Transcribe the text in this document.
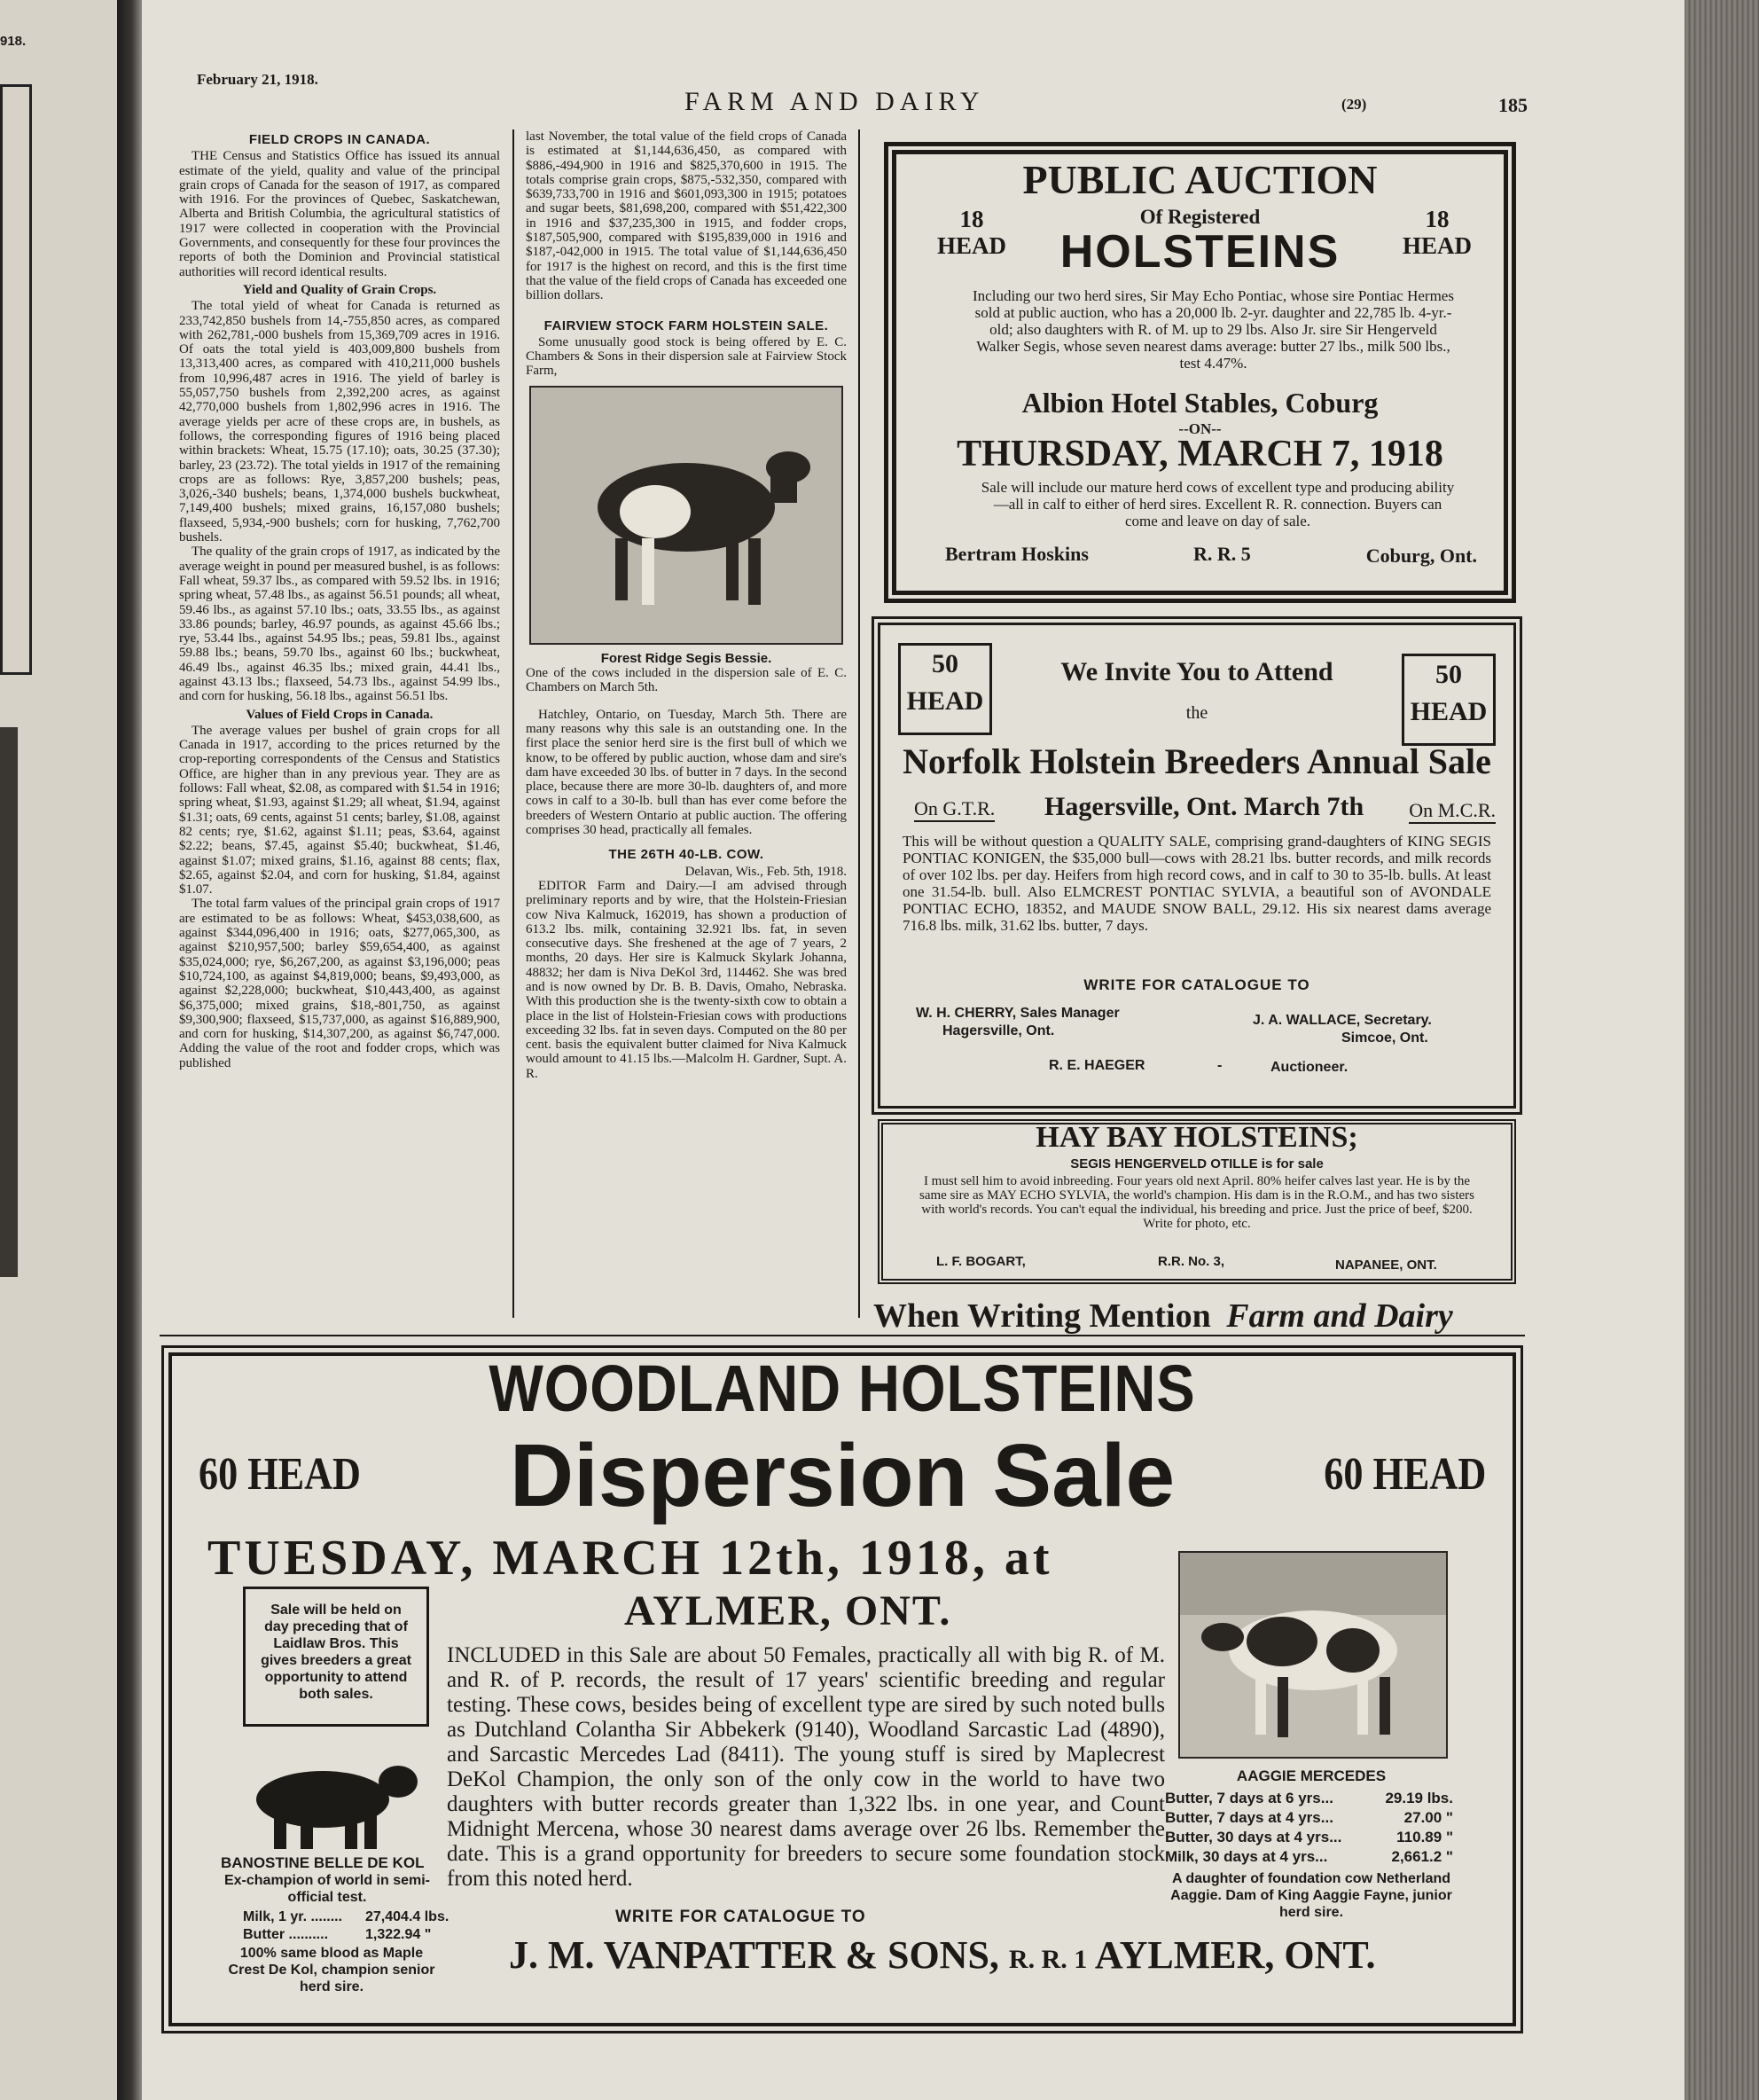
918.
February 21, 1918.
FARM AND DAIRY	(29)	185
FIELD CROPS IN CANADA.

THE Census and Statistics Office has issued its annual estimate of the yield, quality and value of the principal grain crops of Canada for the season of 1917, as compared with 1916. For the provinces of Quebec, Saskatchewan, Alberta and British Columbia, the agricultural statistics of 1917 were collected in cooperation with the Provincial Governments, and consequently for these four provinces the reports of both the Dominion and Provincial statistical authorities will record identical results.

Yield and Quality of Grain Crops.

The total yield of wheat for Canada is returned as 233,742,850 bushels from 14,-755,850 acres, as compared with 262,781,-000 bushels from 15,369,709 acres in 1916. Of oats the total yield is 403,009,800 bushels from 13,313,400 acres, as compared with 410,211,000 bushels from 10,996,487 acres in 1916. The yield of barley is 55,057,750 bushels from 2,392,200 acres, as against 42,770,000 bushels from 1,802,996 acres in 1916. The average yields per acre of these crops are, in bushels, as follows, the corresponding figures of 1916 being placed within brackets: Wheat, 15.75 (17.10); oats, 30.25 (37.30); barley, 23 (23.72). The total yields in 1917 of the remaining crops are as follows: Rye, 3,857,200 bushels; peas, 3,026,-340 bushels; beans, 1,374,000 bushels buckwheat, 7,149,400 bushels; mixed grains, 16,157,080 bushels; flaxseed, 5,934,-900 bushels; corn for husking, 7,762,700 bushels.

The quality of the grain crops of 1917, as indicated by the average weight in pound per measured bushel, is as follows: Fall wheat, 59.37 lbs., as compared with 59.52 lbs. in 1916; spring wheat, 57.48 lbs., as against 56.51 pounds; all wheat, 59.46 lbs., as against 57.10 lbs.; oats, 33.55 lbs., as against 33.86 pounds; barley, 46.97 pounds, as against 45.66 lbs.; rye, 53.44 lbs., against 54.95 lbs.; peas, 59.81 lbs., against 59.88 lbs.; beans, 59.70 lbs., against 60 lbs.; buckwheat, 46.49 lbs., against 46.35 lbs.; mixed grain, 44.41 lbs., against 43.13 lbs.; flaxseed, 54.73 lbs., against 54.99 lbs., and corn for husking, 56.18 lbs., against 56.51 lbs.

Values of Field Crops in Canada.

The average values per bushel of grain crops for all Canada in 1917, according to the prices returned by the crop-reporting correspondents of the Census and Statistics Office, are higher than in any previous year. They are as follows: Fall wheat, $2.08, as compared with $1.54 in 1916; spring wheat, $1.93, against $1.29; all wheat, $1.94, against $1.31; oats, 69 cents, against 51 cents; barley, $1.08, against 82 cents; rye, $1.62, against $1.11; peas, $3.64, against $2.22; beans, $7.45, against $5.40; buckwheat, $1.46, against $1.07; mixed grains, $1.16, against 88 cents; flax, $2.65, against $2.04, and corn for husking, $1.84, against $1.07.

The total farm values of the principal grain crops of 1917 are estimated to be as follows: Wheat, $453,038,600, as against $344,096,400 in 1916; oats, $277,065,300, as against $210,957,500; barley $59,654,400, as against $35,024,000; rye, $6,267,200, as against $3,196,000; peas $10,724,100, as against $4,819,000; beans, $9,493,000, as against $2,228,000; buckwheat, $10,443,400, as against $6,375,000; mixed grains, $18,-801,750, as against $9,300,900; flaxseed, $15,737,000, as against $16,889,900, and corn for husking, $14,307,200, as against $6,747,000. Adding the value of the root and fodder crops, which was published

last November, the total value of the field crops of Canada is estimated at $1,144,636,450, as compared with $886,-494,900 in 1916 and $825,370,600 in 1915. The totals comprise grain crops, $875,-532,350, compared with $639,733,700 in 1916 and $601,093,300 in 1915; potatoes and sugar beets, $81,698,200, compared with $51,422,300 in 1916 and $37,235,300 in 1915, and fodder crops, $187,505,900, compared with $195,839,000 in 1916 and $187,-042,000 in 1915. The total value of $1,144,636,450 for 1917 is the highest on record, and this is the first time that the value of the field crops of Canada has exceeded one billion dollars.

FAIRVIEW STOCK FARM HOLSTEIN SALE.

Some unusually good stock is being offered by E. C. Chambers & Sons in their dispersion sale at Fairview Stock Farm,

Forest Ridge Segis Bessie.

One of the cows included in the dispersion sale of E. C. Chambers on March 5th.

Hatchley, Ontario, on Tuesday, March 5th. There are many reasons why this sale is an outstanding one. In the first place the senior herd sire is the first bull of which we know, to be offered by public auction, whose dam and sire's dam have exceeded 30 lbs. of butter in 7 days. In the second place, because there are more 30-lb. daughters of, and more cows in calf to a 30-lb. bull than has ever come before the breeders of Western Ontario at public auction. The offering comprises 30 head, practically all females.

THE 26TH 40-LB. COW.
Delavan, Wis., Feb. 5th, 1918.

EDITOR Farm and Dairy.—I am advised through preliminary reports and by wire, that the Holstein-Friesian cow Niva Kalmuck, 162019, has shown a production of 613.2 lbs. milk, containing 32.921 lbs. fat, in seven consecutive days. She freshened at the age of 7 years, 2 months, 20 days. Her sire is Kalmuck Skylark Johanna, 48832; her dam is Niva DeKol 3rd, 114462. She was bred and is now owned by Dr. B. B. Davis, Omaho, Nebraska. With this production she is the twenty-sixth cow to obtain a place in the list of Holstein-Friesian cows with productions exceeding 32 lbs. fat in seven days. Computed on the 80 per cent. basis the equivalent butter claimed for Niva Kalmuck would amount to 41.15 lbs.—Malcolm H. Gardner, Supt. A. R.

PUBLIC AUCTION
Of Registered
18
HEAD	HOLSTEINS
18
HEAD
Including our two herd sires, Sir May Echo Pontiac, whose sire Pontiac Hermes sold at public auction, who has a 20,000 lb. 2-yr. daughter and 22,785 lb. 4-yr.-old; also daughters with R. of M. up to 29 lbs. Also Jr. sire Sir Hengerveld Walker Segis, whose seven nearest dams average: butter 27 lbs., milk 500 lbs., test 4.47%.
Albion Hotel Stables, Coburg
--ON--
THURSDAY, MARCH 7, 1918
Sale will include our mature herd cows of excellent type and producing ability—all in calf to either of herd sires. Excellent R. R. connection. Buyers can come and leave on day of sale.
Bertram Hoskins	R. R. 5	Coburg, Ont.
50
HEAD
50
HEAD
We Invite You to Attend
the
Norfolk Holstein Breeders Annual Sale
On G.T.R. Hagersville, Ont. March 7th On M.C.R.
This will be without question a QUALITY SALE, comprising grand-daughters of KING SEGIS PONTIAC KONIGEN, the $35,000 bull—cows with 28.21 lbs. butter records, and milk records of over 102 lbs. per day. Heifers from high record cows, and in calf to 30 to 35-lb. bulls. At least one 31.54-lb. bull. Also ELMCREST PONTIAC SYLVIA, a beautiful son of AVONDALE PONTIAC ECHO, 18352, and MAUDE SNOW BALL, 29.12. His six nearest dams average 716.8 lbs. milk, 31.62 lbs. butter, 7 days.
WRITE FOR CATALOGUE TO
W. H. CHERRY, Sales Manager
Hagersville, Ont.
J. A. WALLACE, Secretary.
Simcoe, Ont.
R. E. HAEGER	-	Auctioneer.
HAY BAY HOLSTEINS;
SEGIS HENGERVELD OTILLE is for sale
I must sell him to avoid inbreeding. Four years old next April. 80% heifer calves last year. He is by the same sire as MAY ECHO SYLVIA, the world's champion. His dam is in the R.O.M., and has two sisters with world's records. You can't equal the individual, his breeding and price. Just the price of beef, $200. Write for photo, etc.
L. F. BOGART,	R.R. No. 3,	NAPANEE, ONT.
When Writing Mention Farm and Dairy
WOODLAND HOLSTEINS
60 HEAD	Dispersion Sale	60 HEAD
TUESDAY, MARCH 12th, 1918, at
AYLMER, ONT.
Sale will be held on day preceding that of Laidlaw Bros. This gives breeders a great opportunity to attend both sales.
INCLUDED in this Sale are about 50 Females, practically all with big R. of M. and R. of P. records, the result of 17 years' scientific breeding and regular testing. These cows, besides being of excellent type are sired by such noted bulls as Dutchland Colantha Sir Abbekerk (9140), Woodland Sarcastic Lad (4890), and Sarcastic Mercedes Lad (8411). The young stuff is sired by Maplecrest DeKol Champion, the only son of the only cow in the world to have two daughters with butter records greater than 1,322 lbs. in one year, and Count Midnight Mercena, whose 30 nearest dams average over 26 lbs. Remember the date. This is a grand opportunity for breeders to secure some foundation stock from this noted herd.
BANOSTINE BELLE DE KOL
Ex-champion of world in semi-official test.
Milk, 1 yr. ........ 27,404.4 lbs.
Butter ..........	1,322.94 "
100% same blood as Maple Crest De Kol, champion senior herd sire.
AAGGIE MERCEDES
Butter, 7 days at 6 yrs...	29.19 lbs.
Butter, 7 days at 4 yrs...	27.00 "
Butter, 30 days at 4 yrs...	110.89 "
Milk, 30 days at 4 yrs...	2,661.2 "
A daughter of foundation cow Netherland Aaggie. Dam of King Aaggie Fayne, junior herd sire.
WRITE FOR CATALOGUE TO
J. M. VANPATTER & SONS, R. R. 1 AYLMER, ONT.
